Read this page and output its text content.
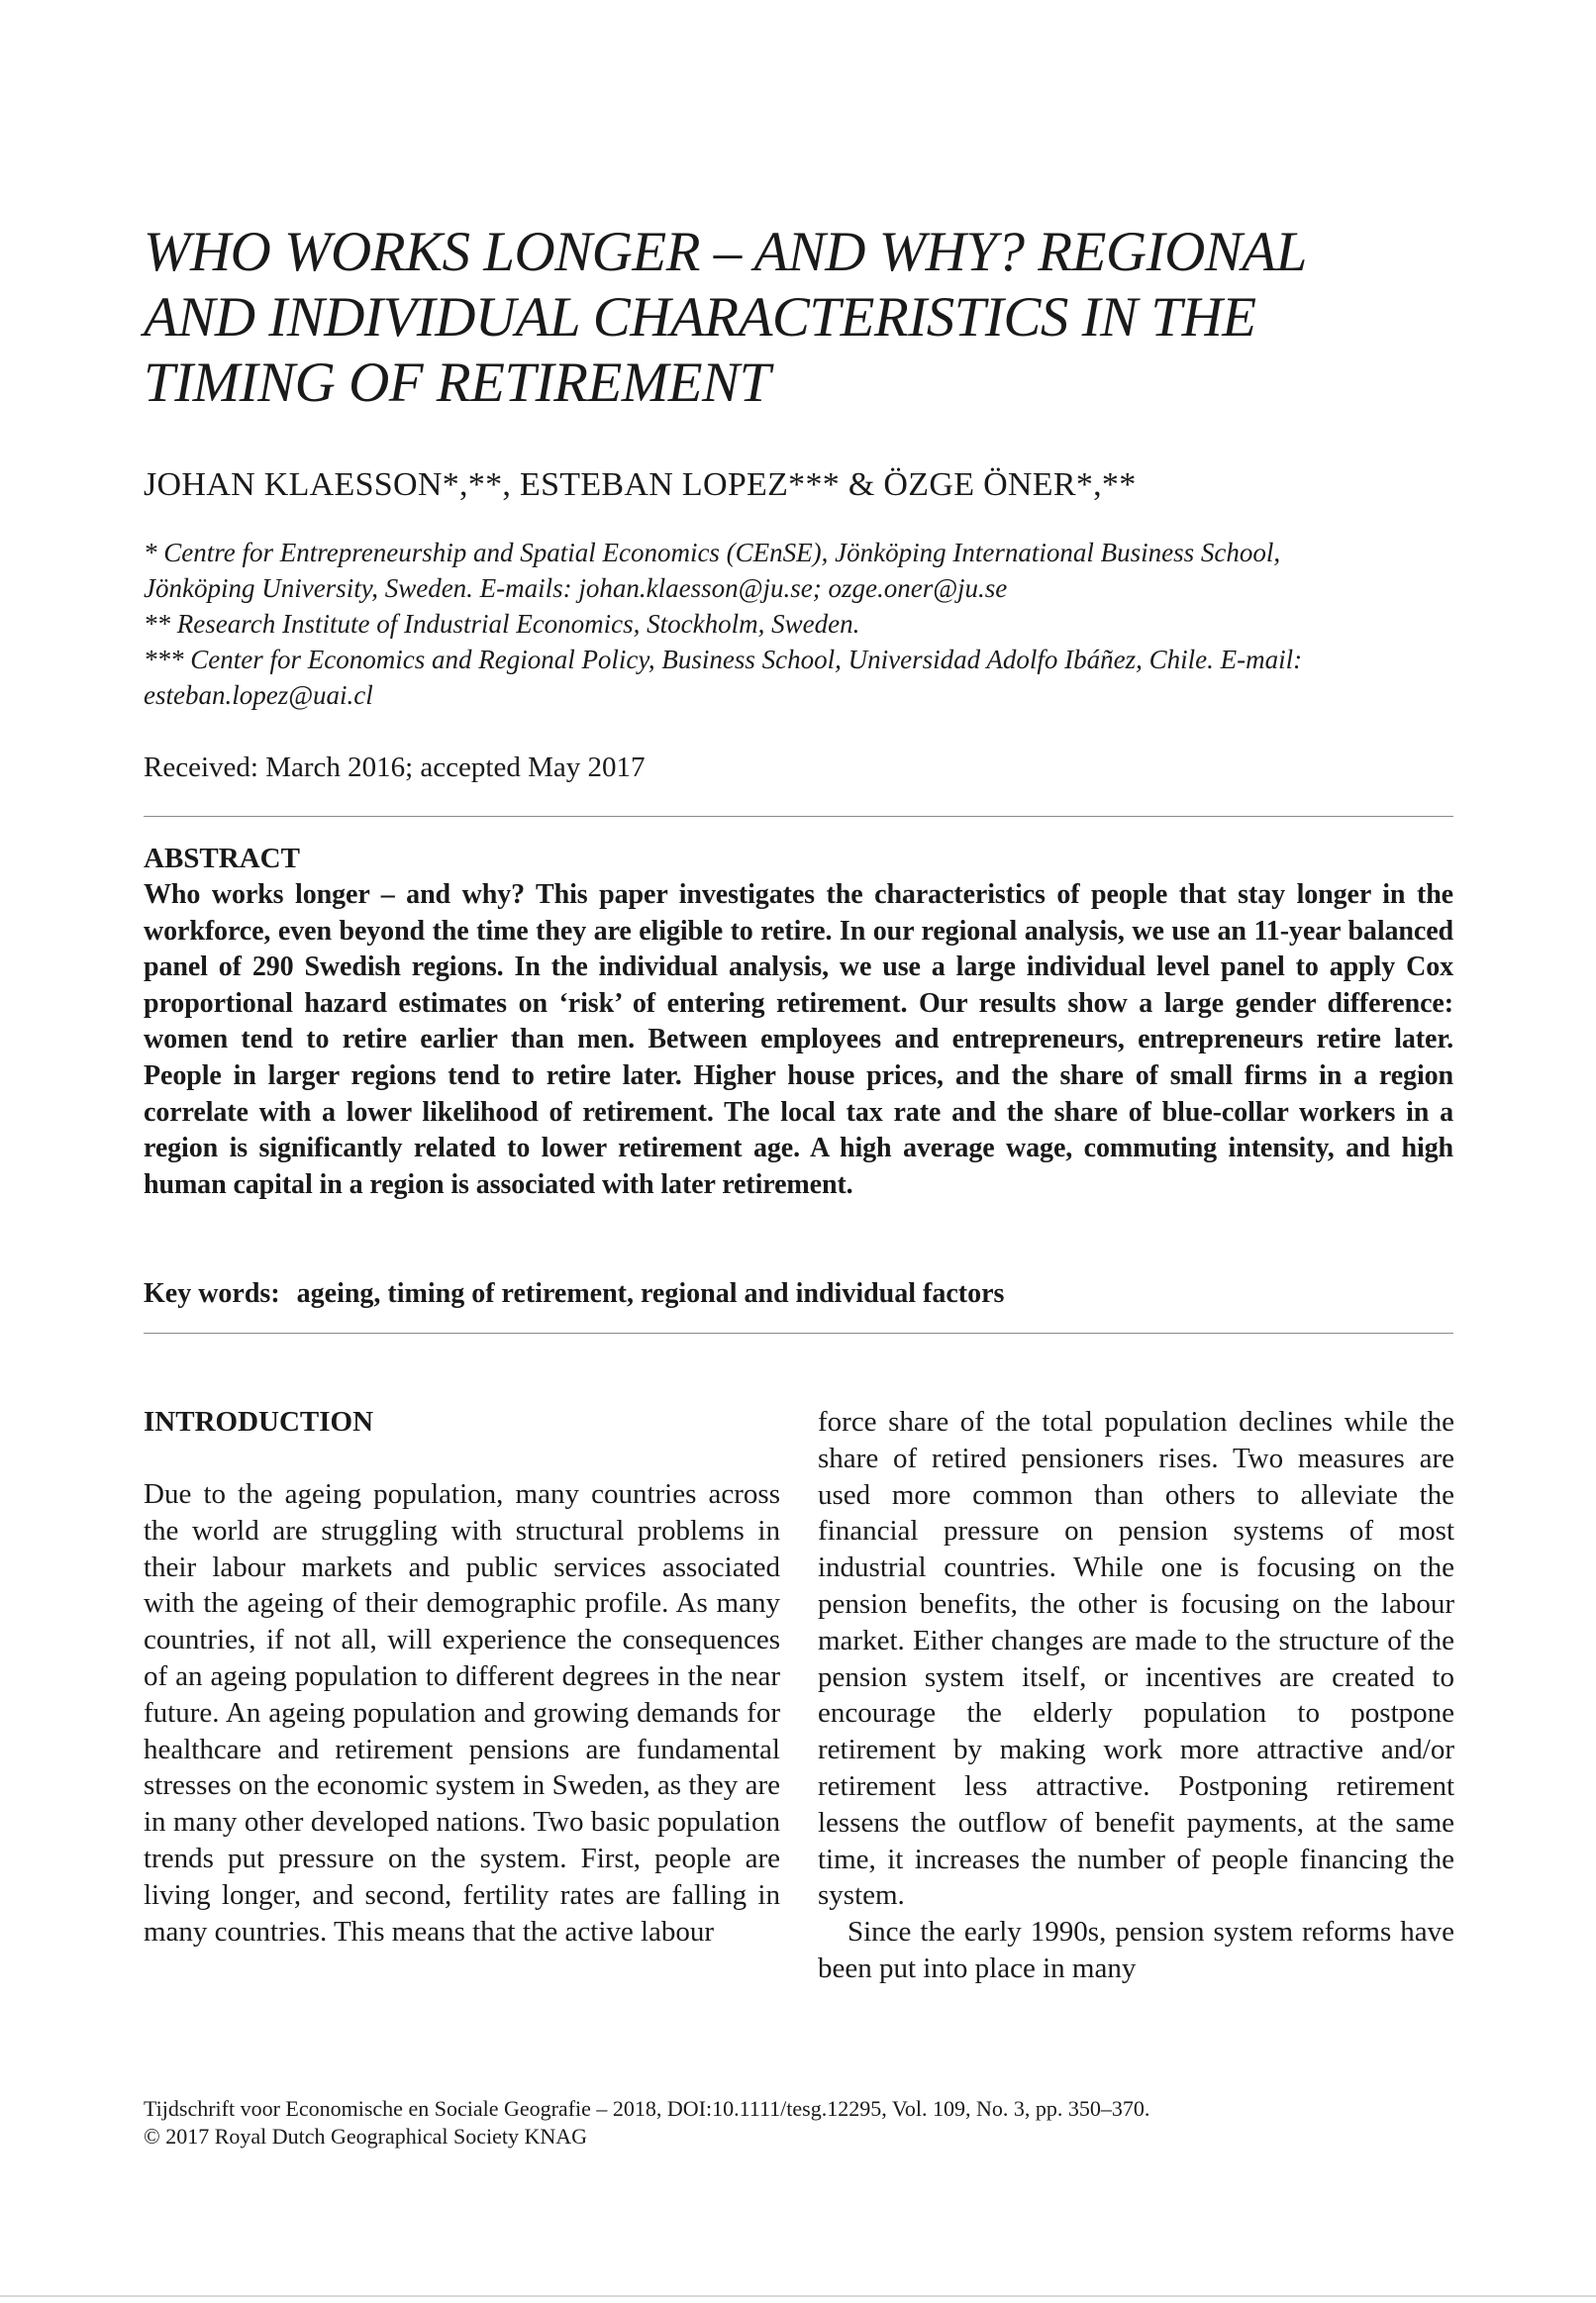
WHO WORKS LONGER – AND WHY? REGIONAL
AND INDIVIDUAL CHARACTERISTICS IN THE
TIMING OF RETIREMENT
JOHAN KLAESSON*,**, ESTEBAN LOPEZ*** & ÖZGE ÖNER*,**
* Centre for Entrepreneurship and Spatial Economics (CEnSE), Jönköping International Business School,
Jönköping University, Sweden. E-mails: johan.klaesson@ju.se; ozge.oner@ju.se
** Research Institute of Industrial Economics, Stockholm, Sweden.
*** Center for Economics and Regional Policy, Business School, Universidad Adolfo Ibáñez, Chile. E-mail:
esteban.lopez@uai.cl
Received: March 2016; accepted May 2017
ABSTRACT
Who works longer – and why? This paper investigates the characteristics of people that stay longer in the workforce, even beyond the time they are eligible to retire. In our regional analysis, we use an 11-year balanced panel of 290 Swedish regions. In the individual analysis, we use a large individual level panel to apply Cox proportional hazard estimates on ‘risk’ of entering retirement. Our results show a large gender difference: women tend to retire earlier than men. Between employees and entrepreneurs, entrepreneurs retire later. People in larger regions tend to retire later. Higher house prices, and the share of small firms in a region correlate with a lower likelihood of retirement. The local tax rate and the share of blue-collar workers in a region is significantly related to lower retirement age. A high average wage, commuting intensity, and high human capital in a region is associated with later retirement.
Key words: ageing, timing of retirement, regional and individual factors
INTRODUCTION

Due to the ageing population, many countries across the world are struggling with structural problems in their labour markets and public services associated with the ageing of their demographic profile. As many countries, if not all, will experience the consequences of an ageing population to different degrees in the near future. An ageing population and growing demands for healthcare and retirement pensions are fundamental stresses on the economic system in Sweden, as they are in many other developed nations. Two basic population trends put pressure on the system. First, people are living longer, and second, fertility rates are falling in many countries. This means that the active labour

force share of the total population declines while the share of retired pensioners rises. Two measures are used more common than others to alleviate the financial pressure on pension systems of most industrial countries. While one is focusing on the pension benefits, the other is focusing on the labour market. Either changes are made to the structure of the pension system itself, or incentives are created to encourage the elderly population to postpone retirement by making work more attractive and/or retirement less attractive. Postponing retirement lessens the outflow of benefit payments, at the same time, it increases the number of people financing the system.

Since the early 1990s, pension system reforms have been put into place in many

Tijdschrift voor Economische en Sociale Geografie – 2018, DOI:10.1111/tesg.12295, Vol. 109, No. 3, pp. 350–370.
© 2017 Royal Dutch Geographical Society KNAG
